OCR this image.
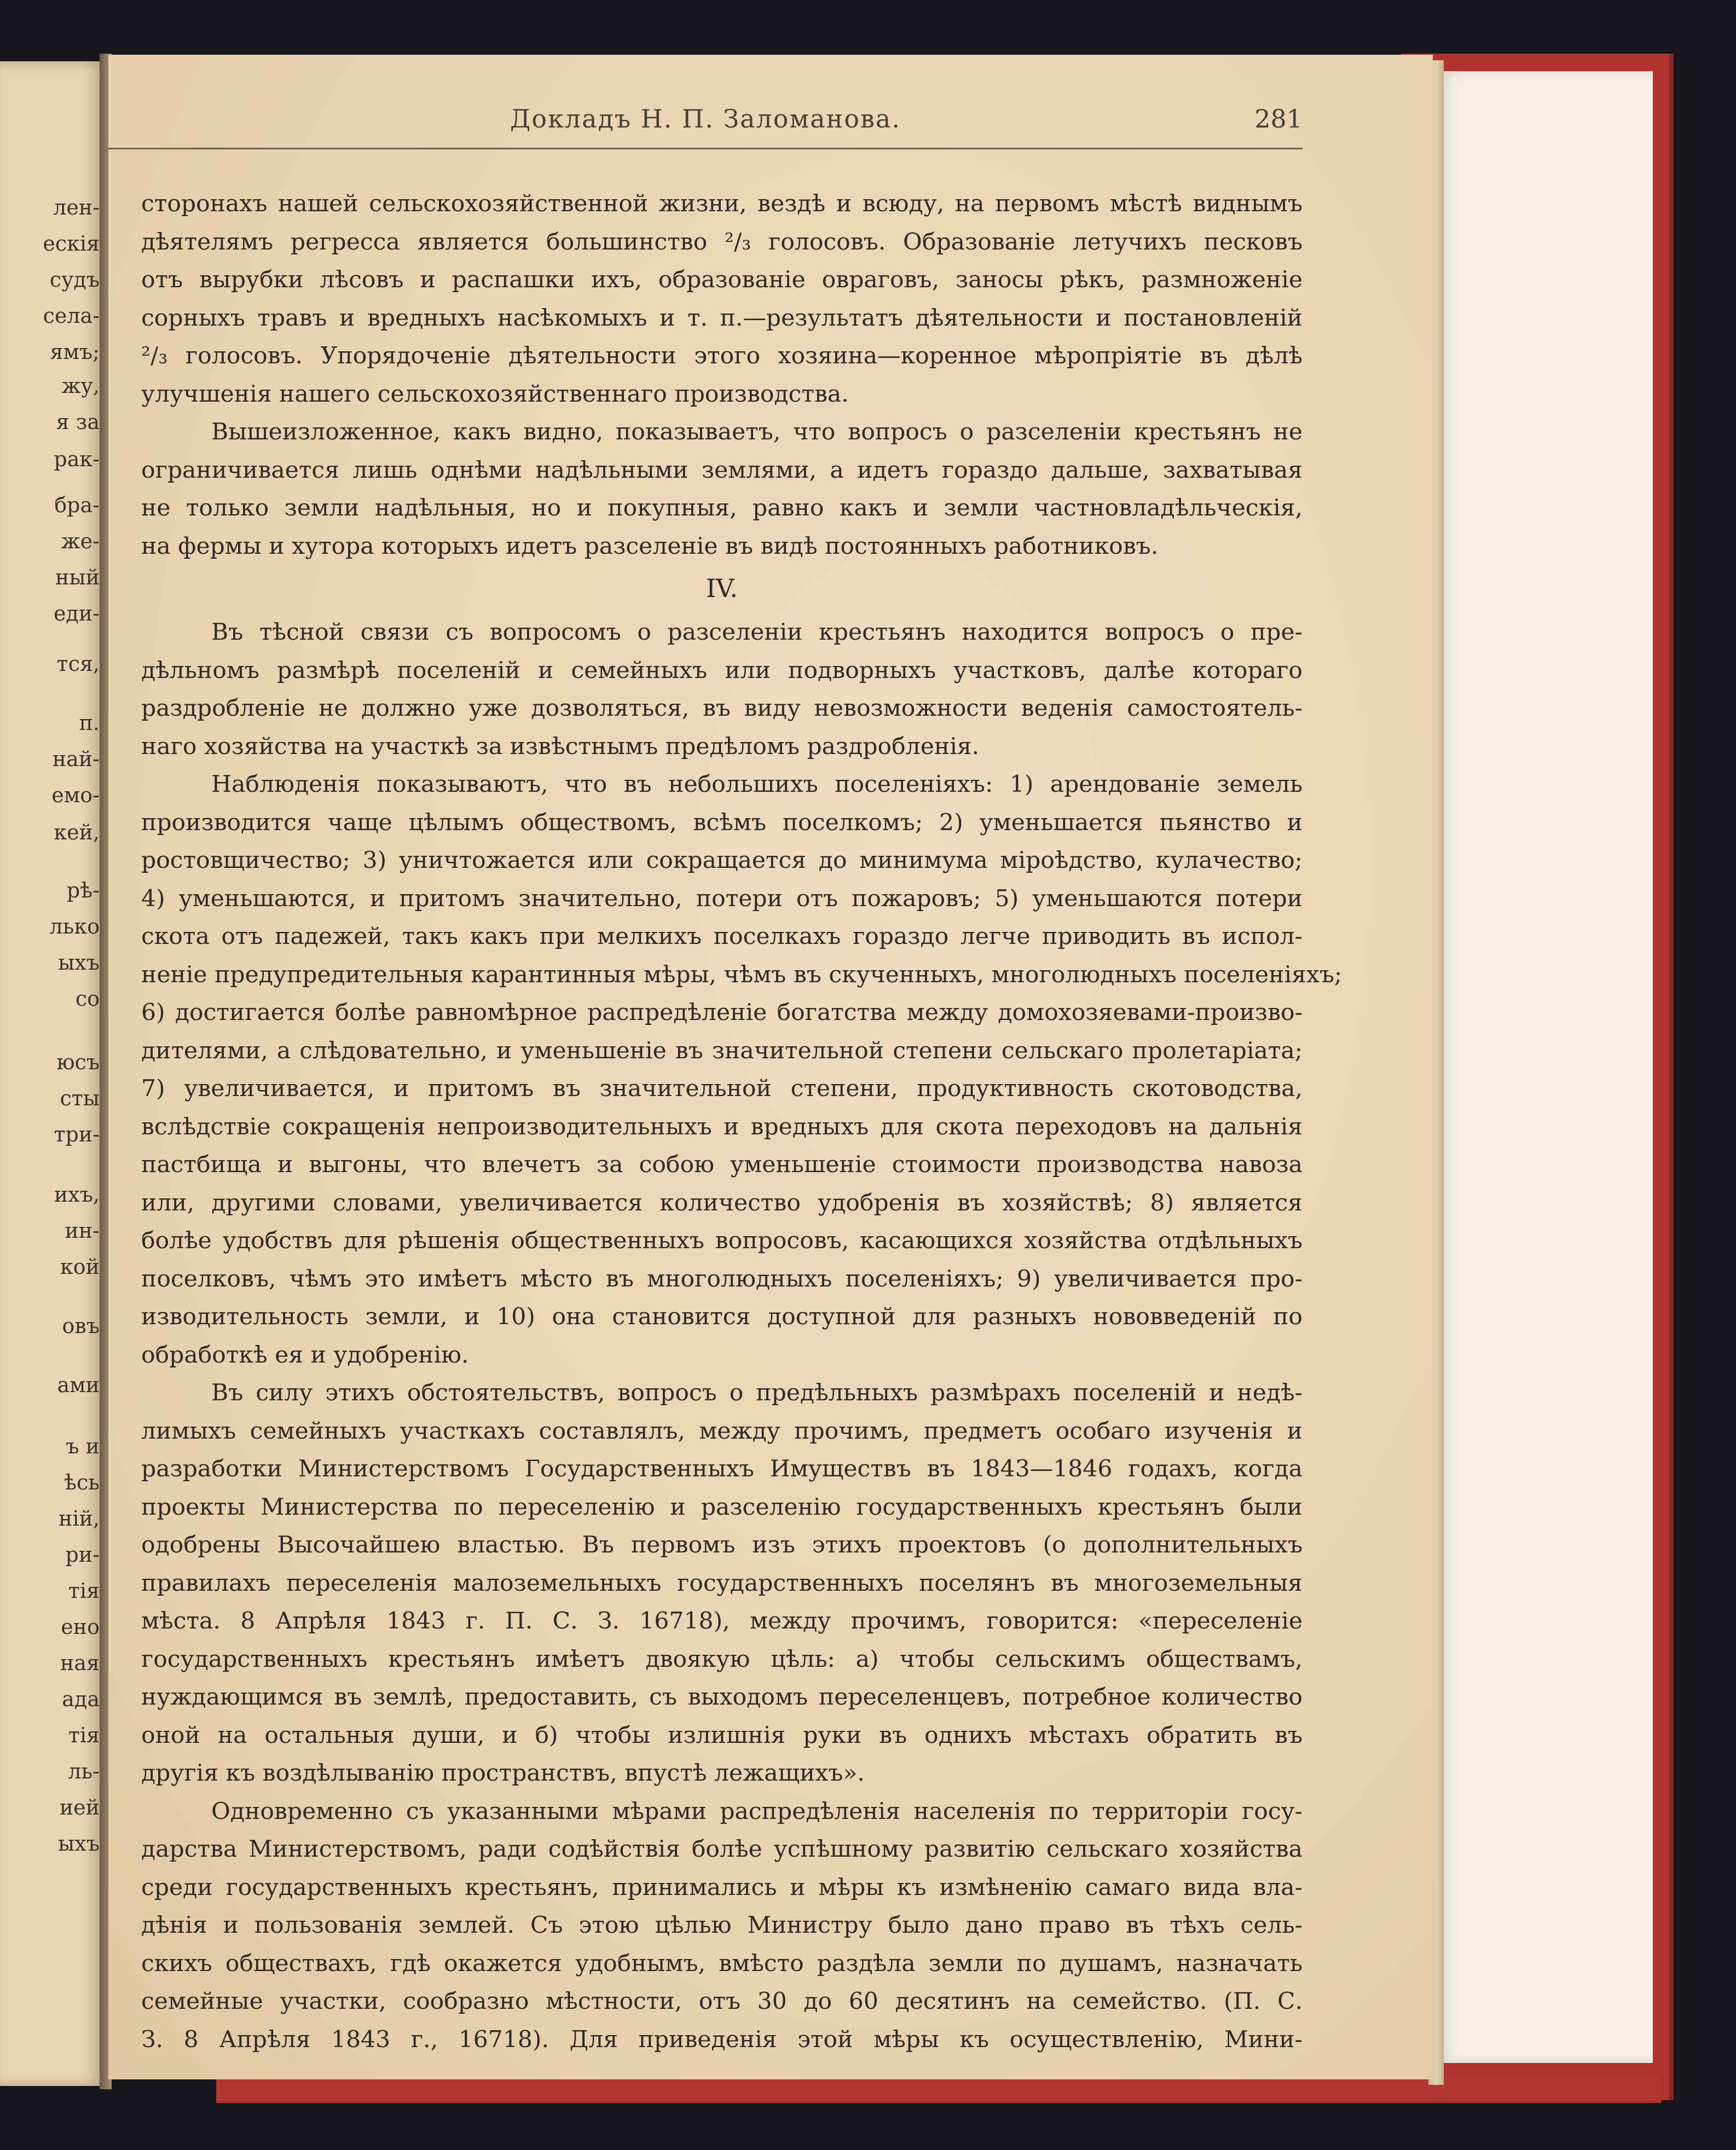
лен-
ескія
судъ
села-
ямъ;
жу,
я за
рак-
бра-
же-
ный
еди-
тся,
п.
най-
емо-
кей,
рѣ-
лько
ыхъ
со
юсъ
сты
три-
ихъ,
ин-
кой
овъ
ами
ъ и
ѣсь
ній,
ри-
тія
ено
ная
ада
тія
ль-
ией
ыхъ
Докладъ Н. П. Заломанова.	281
сторонахъ нашей сельскохозяйственной жизни, вездѣ и всюду, на первомъ мѣстѣ виднымъ
дѣятелямъ регресса является большинство ²/₃ голосовъ. Образованіе летучихъ песковъ
отъ вырубки лѣсовъ и распашки ихъ, образованіе овраговъ, заносы рѣкъ, размноженіе
сорныхъ травъ и вредныхъ насѣкомыхъ и т. п.—результатъ дѣятельности и постановленій
²/₃ голосовъ. Упорядоченіе дѣятельности этого хозяина—коренное мѣропріятіе въ дѣлѣ
улучшенія нашего сельскохозяйственнаго производства.
Вышеизложенное, какъ видно, показываетъ, что вопросъ о разселеніи крестьянъ не
ограничивается лишь однѣми надѣльными землями, а идетъ гораздо дальше, захватывая
не только земли надѣльныя, но и покупныя, равно какъ и земли частновладѣльческія,
на фермы и хутора которыхъ идетъ разселеніе въ видѣ постоянныхъ работниковъ.
IV.
Въ тѣсной связи съ вопросомъ о разселеніи крестьянъ находится вопросъ о пре-
дѣльномъ размѣрѣ поселеній и семейныхъ или подворныхъ участковъ, далѣе котораго
раздробленіе не должно уже дозволяться, въ виду невозможности веденія самостоятель-
наго хозяйства на участкѣ за извѣстнымъ предѣломъ раздробленія.
Наблюденія показываютъ, что въ небольшихъ поселеніяхъ: 1) арендованіе земель
производится чаще цѣлымъ обществомъ, всѣмъ поселкомъ; 2) уменьшается пьянство и
ростовщичество; 3) уничтожается или сокращается до минимума міроѣдство, кулачество;
4) уменьшаются, и притомъ значительно, потери отъ пожаровъ; 5) уменьшаются потери
скота отъ падежей, такъ какъ при мелкихъ поселкахъ гораздо легче приводить въ испол-
неніе предупредительныя карантинныя мѣры, чѣмъ въ скученныхъ, многолюдныхъ поселеніяхъ;
6) достигается болѣе равномѣрное распредѣленіе богатства между домохозяевами-произво-
дителями, а слѣдовательно, и уменьшеніе въ значительной степени сельскаго пролетаріата;
7) увеличивается, и притомъ въ значительной степени, продуктивность скотоводства,
вслѣдствіе сокращенія непроизводительныхъ и вредныхъ для скота переходовъ на дальнія
пастбища и выгоны, что влечетъ за собою уменьшеніе стоимости производства навоза
или, другими словами, увеличивается количество удобренія въ хозяйствѣ; 8) является
болѣе удобствъ для рѣшенія общественныхъ вопросовъ, касающихся хозяйства отдѣльныхъ
поселковъ, чѣмъ это имѣетъ мѣсто въ многолюдныхъ поселеніяхъ; 9) увеличивается про-
изводительность земли, и 10) она становится доступной для разныхъ нововведеній по
обработкѣ ея и удобренію.
Въ силу этихъ обстоятельствъ, вопросъ о предѣльныхъ размѣрахъ поселеній и недѣ-
лимыхъ семейныхъ участкахъ составлялъ, между прочимъ, предметъ особаго изученія и
разработки Министерствомъ Государственныхъ Имуществъ въ 1843—1846 годахъ, когда
проекты Министерства по переселенію и разселенію государственныхъ крестьянъ были
одобрены Высочайшею властью. Въ первомъ изъ этихъ проектовъ (о дополнительныхъ
правилахъ переселенія малоземельныхъ государственныхъ поселянъ въ многоземельныя
мѣста. 8 Апрѣля 1843 г. П. С. З. 16718), между прочимъ, говорится: «переселеніе
государственныхъ крестьянъ имѣетъ двоякую цѣль: а) чтобы сельскимъ обществамъ,
нуждающимся въ землѣ, предоставить, съ выходомъ переселенцевъ, потребное количество
оной на остальныя души, и б) чтобы излишнія руки въ однихъ мѣстахъ обратить въ
другія къ воздѣлыванію пространствъ, впустѣ лежащихъ».
Одновременно съ указанными мѣрами распредѣленія населенія по территоріи госу-
дарства Министерствомъ, ради содѣйствія болѣе успѣшному развитію сельскаго хозяйства
среди государственныхъ крестьянъ, принимались и мѣры къ измѣненію самаго вида вла-
дѣнія и пользованія землей. Съ этою цѣлью Министру было дано право въ тѣхъ сель-
скихъ обществахъ, гдѣ окажется удобнымъ, вмѣсто раздѣла земли по душамъ, назначать
семейные участки, сообразно мѣстности, отъ 30 до 60 десятинъ на семейство. (П. С.
З. 8 Апрѣля 1843 г., 16718). Для приведенія этой мѣры къ осуществленію, Мини-
